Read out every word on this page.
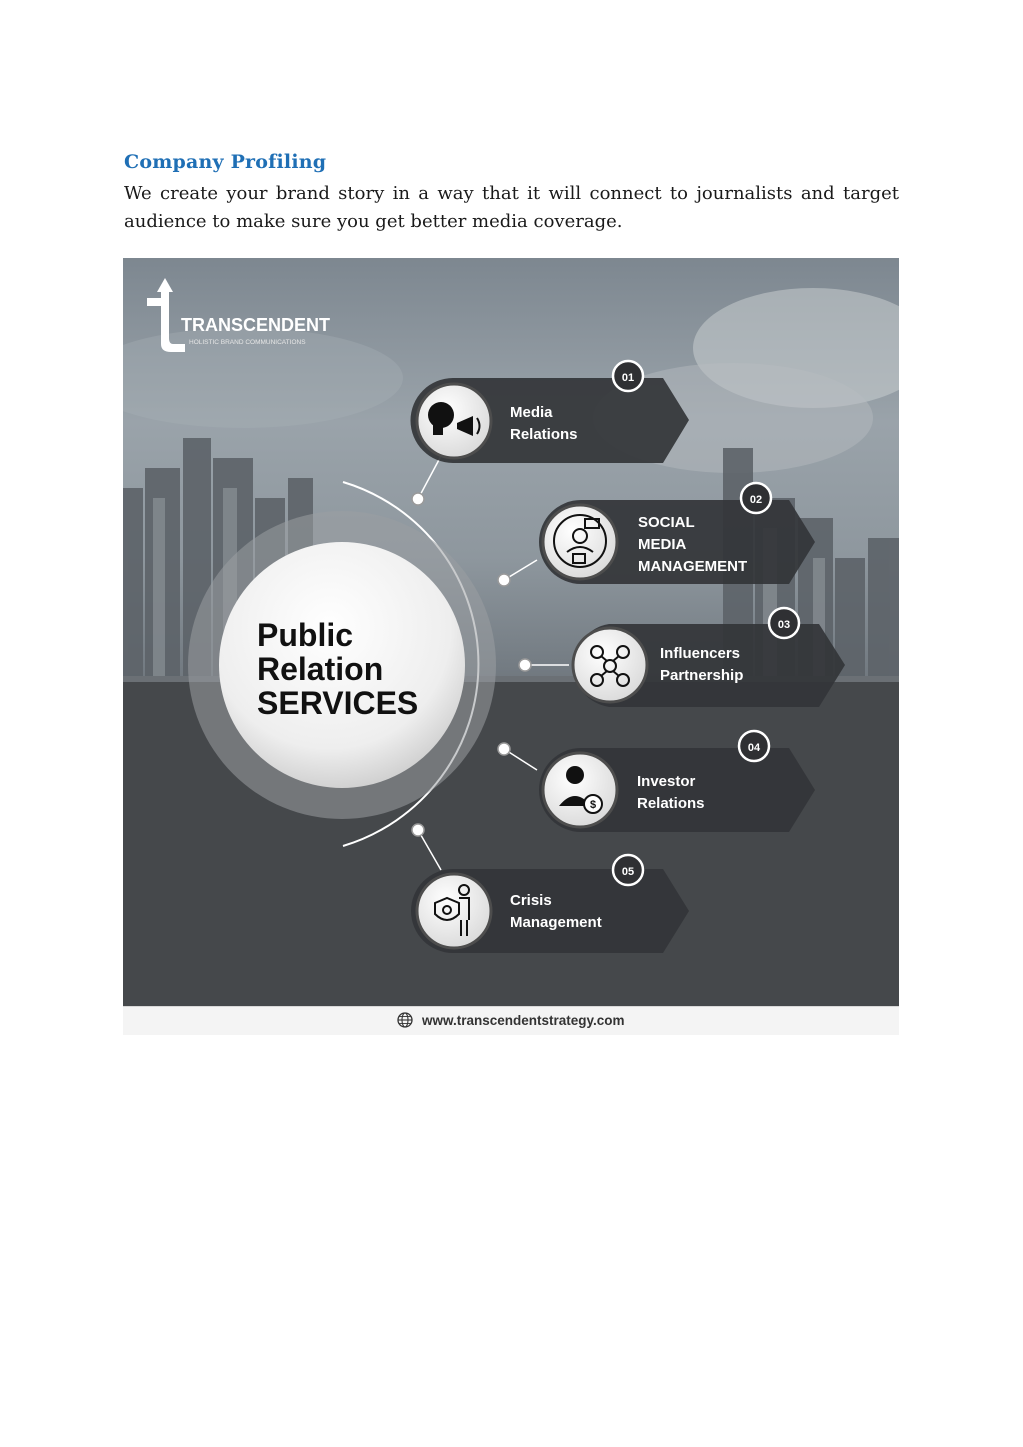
Company Profiling
We create your brand story in a way that it will connect to journalists and target audience to make sure you get better media coverage.
TRANSCENDENT
HOLISTIC BRAND COMMUNICATIONS
Public
Relation
SERVICES
01
Media
Relations
02
SOCIAL
MEDIA
MANAGEMENT
03
Influencers
Partnership
$
04
Investor
Relations
05
Crisis
Management
www.transcendentstrategy.com
